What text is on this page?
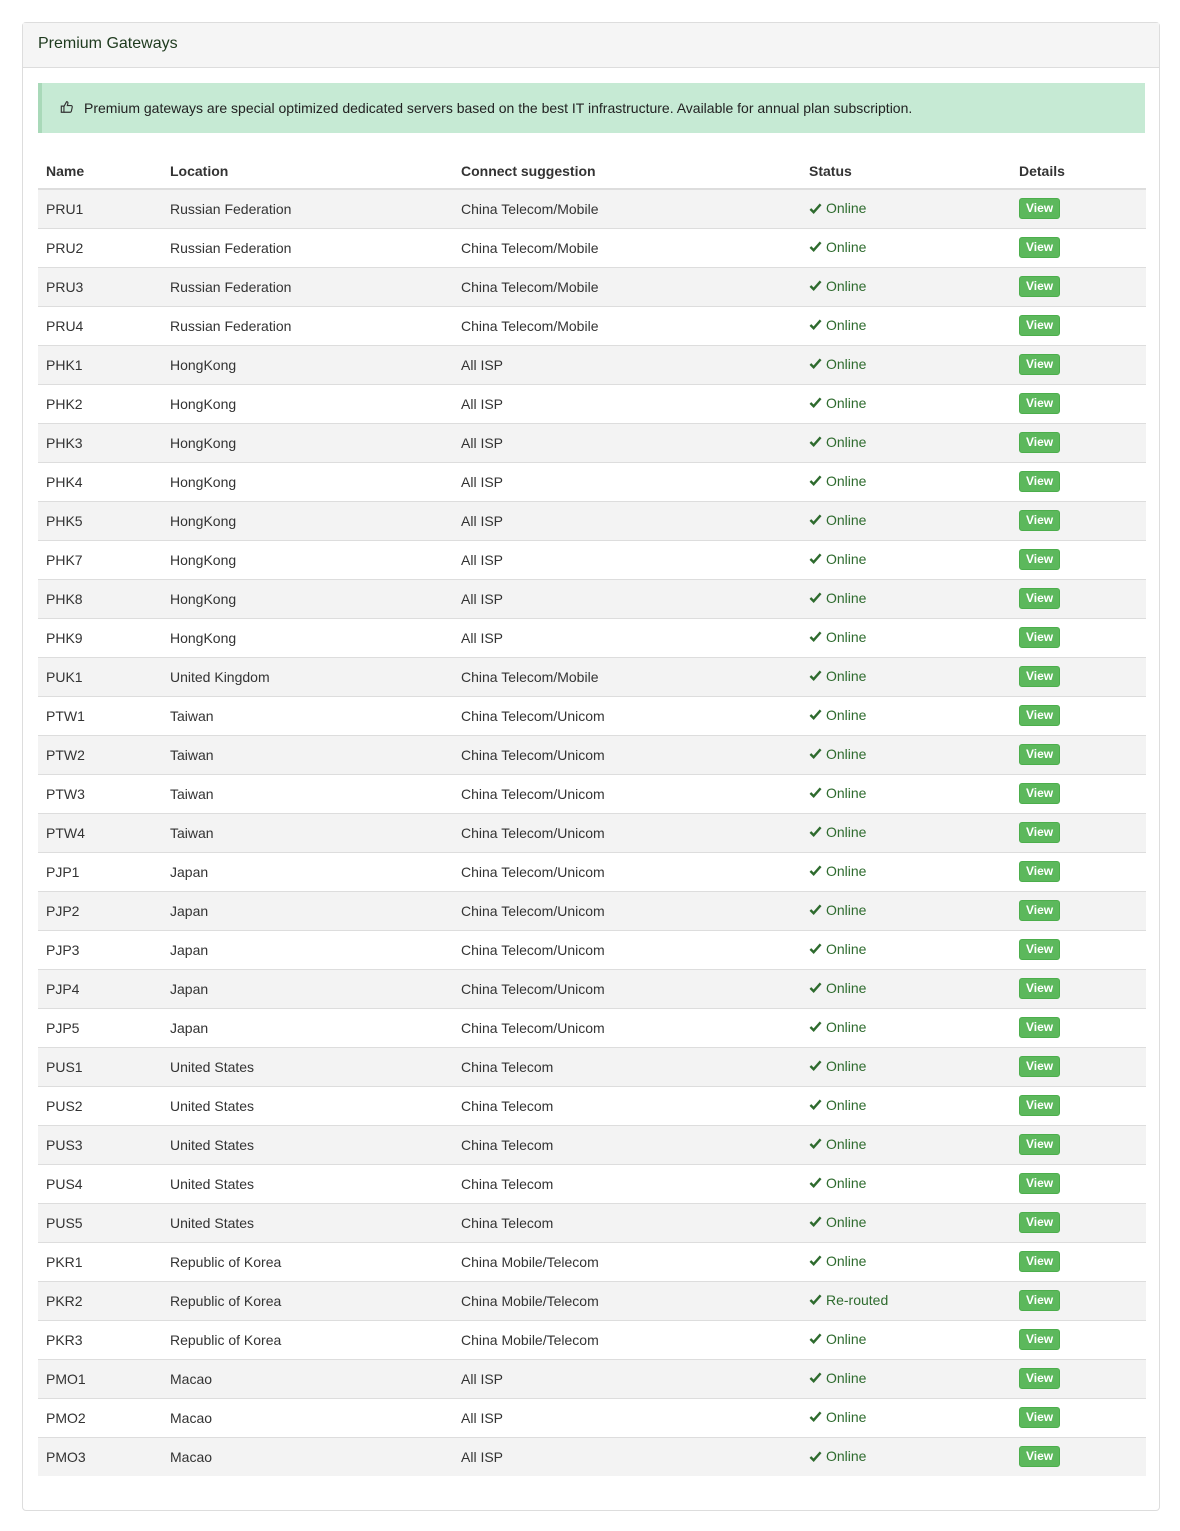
Premium Gateways
Premium gateways are special optimized dedicated servers based on the best IT infrastructure. Available for annual plan subscription.
Name	Location	Connect suggestion	Status	Details
PRU1	Russian Federation	China Telecom/Mobile	Online	View
PRU2	Russian Federation	China Telecom/Mobile	Online	View
PRU3	Russian Federation	China Telecom/Mobile	Online	View
PRU4	Russian Federation	China Telecom/Mobile	Online	View
PHK1	HongKong	All ISP	Online	View
PHK2	HongKong	All ISP	Online	View
PHK3	HongKong	All ISP	Online	View
PHK4	HongKong	All ISP	Online	View
PHK5	HongKong	All ISP	Online	View
PHK7	HongKong	All ISP	Online	View
PHK8	HongKong	All ISP	Online	View
PHK9	HongKong	All ISP	Online	View
PUK1	United Kingdom	China Telecom/Mobile	Online	View
PTW1	Taiwan	China Telecom/Unicom	Online	View
PTW2	Taiwan	China Telecom/Unicom	Online	View
PTW3	Taiwan	China Telecom/Unicom	Online	View
PTW4	Taiwan	China Telecom/Unicom	Online	View
PJP1	Japan	China Telecom/Unicom	Online	View
PJP2	Japan	China Telecom/Unicom	Online	View
PJP3	Japan	China Telecom/Unicom	Online	View
PJP4	Japan	China Telecom/Unicom	Online	View
PJP5	Japan	China Telecom/Unicom	Online	View
PUS1	United States	China Telecom	Online	View
PUS2	United States	China Telecom	Online	View
PUS3	United States	China Telecom	Online	View
PUS4	United States	China Telecom	Online	View
PUS5	United States	China Telecom	Online	View
PKR1	Republic of Korea	China Mobile/Telecom	Online	View
PKR2	Republic of Korea	China Mobile/Telecom	Re-routed	View
PKR3	Republic of Korea	China Mobile/Telecom	Online	View
PMO1	Macao	All ISP	Online	View
PMO2	Macao	All ISP	Online	View
PMO3	Macao	All ISP	Online	View
